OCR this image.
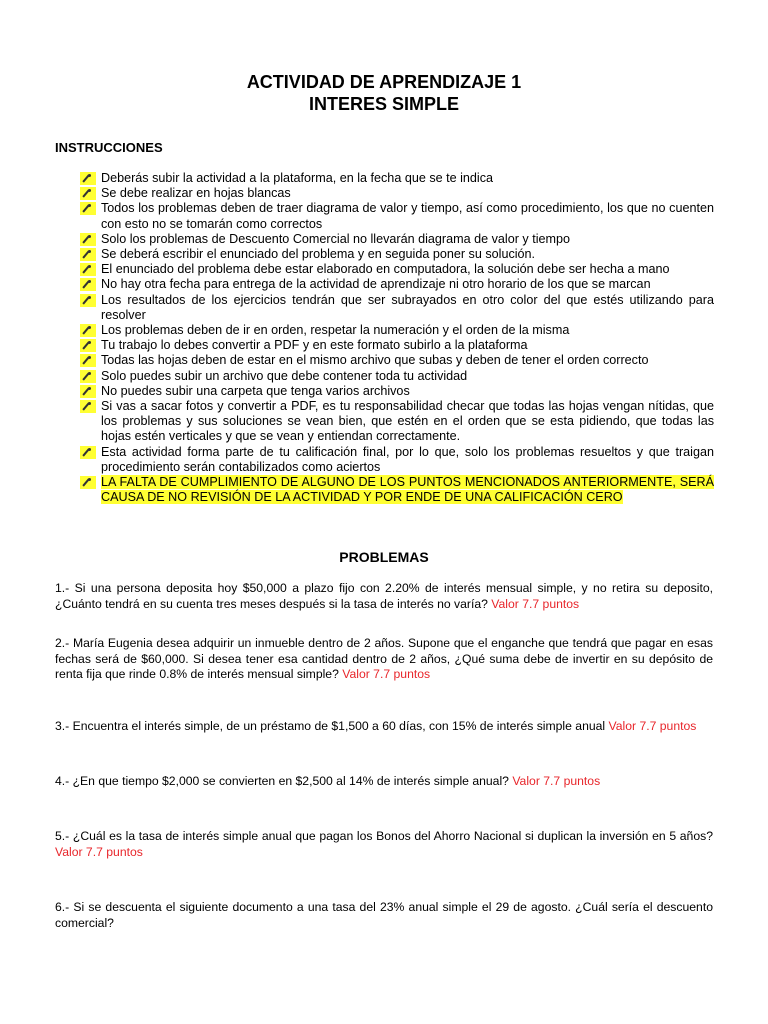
ACTIVIDAD DE APRENDIZAJE 1
INTERES SIMPLE
INSTRUCCIONES
Deberás subir la actividad a la plataforma, en la fecha que se te indica
Se debe realizar en hojas blancas
Todos los problemas deben de traer diagrama de valor y tiempo, así como procedimiento, los que no cuenten con esto no se tomarán como correctos
Solo los problemas de Descuento Comercial no llevarán diagrama de valor y tiempo
Se deberá escribir el enunciado del problema y en seguida poner su solución.
El enunciado del problema debe estar elaborado en computadora, la solución debe ser hecha a mano
No hay otra fecha para entrega de la actividad de aprendizaje ni otro horario de los que se marcan
Los resultados de los ejercicios tendrán que ser subrayados en otro color del que estés utilizando para resolver
Los problemas deben de ir en orden, respetar la numeración y el orden de la misma
Tu trabajo lo debes convertir a PDF y en este formato subirlo a la plataforma
Todas las hojas deben de estar en el mismo archivo que subas y deben de tener el orden correcto
Solo puedes subir un archivo que debe contener toda tu actividad
No puedes subir una carpeta que tenga varios archivos
Si vas a sacar fotos y convertir a PDF, es tu responsabilidad checar que todas las hojas vengan nítidas, que los problemas y sus soluciones se vean bien, que estén en el orden que se esta pidiendo, que todas las hojas estén verticales y que se vean y entiendan correctamente.
Esta actividad forma parte de tu calificación final, por lo que, solo los problemas resueltos y que traigan procedimiento serán contabilizados como aciertos
LA FALTA DE CUMPLIMIENTO DE ALGUNO DE LOS PUNTOS MENCIONADOS ANTERIORMENTE, SERÁ CAUSA DE NO REVISIÓN DE LA ACTIVIDAD Y POR ENDE DE UNA CALIFICACIÓN CERO
PROBLEMAS
1.- Si una persona deposita hoy $50,000 a plazo fijo con 2.20% de interés mensual simple, y no retira su deposito, ¿Cuánto tendrá en su cuenta tres meses después si la tasa de interés no varía? Valor 7.7 puntos
2.- María Eugenia desea adquirir un inmueble dentro de 2 años. Supone que el enganche que tendrá que pagar en esas fechas será de $60,000. Si desea tener esa cantidad dentro de 2 años, ¿Qué suma debe de invertir en su depósito de renta fija que rinde 0.8% de interés mensual simple? Valor 7.7 puntos
3.- Encuentra el interés simple, de un préstamo de $1,500 a 60 días, con 15% de interés simple anual Valor 7.7 puntos
4.- ¿En que tiempo $2,000 se convierten en $2,500 al 14% de interés simple anual? Valor 7.7 puntos
5.- ¿Cuál es la tasa de interés simple anual que pagan los Bonos del Ahorro Nacional si duplican la inversión en 5 años? Valor 7.7 puntos
6.- Si se descuenta el siguiente documento a una tasa del 23% anual simple el 29 de agosto. ¿Cuál sería el descuento comercial?
